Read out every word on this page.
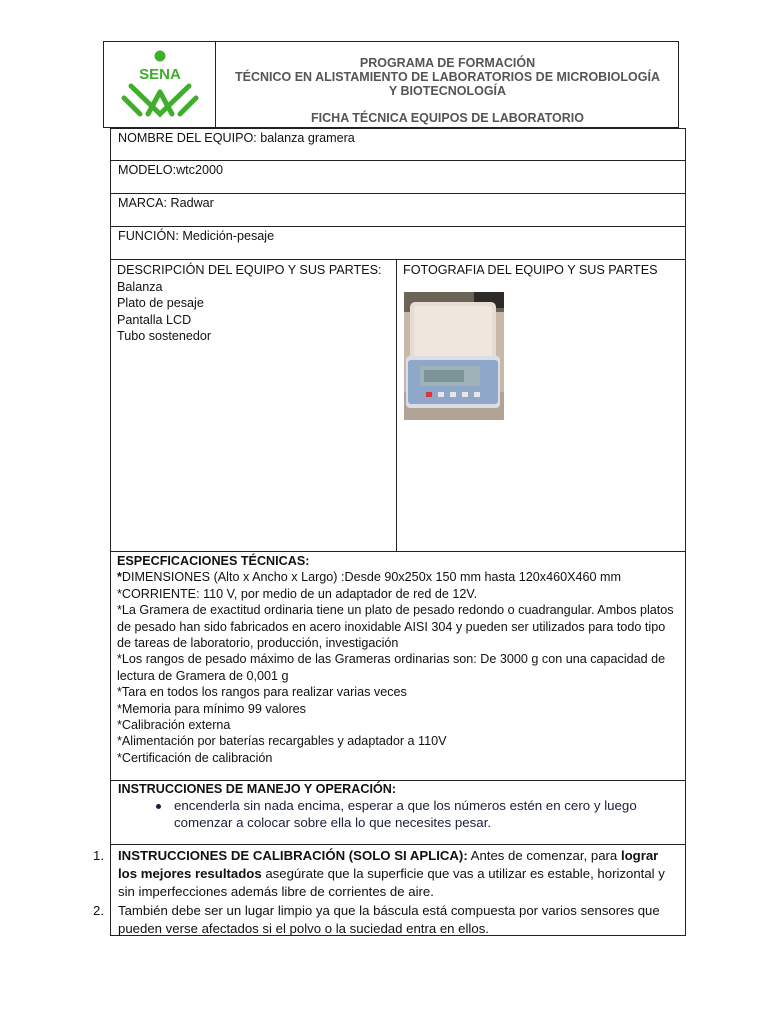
SENA
PROGRAMA DE FORMACIÓN
TÉCNICO EN ALISTAMIENTO DE LABORATORIOS DE MICROBIOLOGÍA
Y BIOTECNOLOGÍA
FICHA TÉCNICA EQUIPOS DE LABORATORIO
NOMBRE DEL EQUIPO: balanza gramera
MODELO:wtc2000
MARCA: Radwar
FUNCIÓN: Medición-pesaje
DESCRIPCIÓN DEL EQUIPO Y SUS PARTES:
Balanza
Plato de pesaje
Pantalla LCD
Tubo sostenedor
FOTOGRAFIA DEL EQUIPO Y SUS PARTES
ESPECFICACIONES TÉCNICAS:
*DIMENSIONES (Alto x Ancho x Largo) :Desde 90x250x 150 mm hasta 120x460X460 mm
*CORRIENTE: 110 V, por medio de un adaptador de red de 12V.
*La Gramera de exactitud ordinaria tiene un plato de pesado redondo o cuadrangular. Ambos platos de pesado han sido fabricados en acero inoxidable AISI 304 y pueden ser utilizados para todo tipo de tareas de laboratorio, producción, investigación
*Los rangos de pesado máximo de las Grameras ordinarias son: De 3000 g con una capacidad de lectura de Gramera de 0,001 g
*Tara en todos los rangos para realizar varias veces
*Memoria para mínimo 99 valores
*Calibración externa
*Alimentación por baterías recargables y adaptador a 110V
*Certificación de calibración
INSTRUCCIONES DE MANEJO Y OPERACIÓN:
encenderla sin nada encima, esperar a que los números estén en cero y luego comenzar a colocar sobre ella lo que necesites pesar.
1.
2.
INSTRUCCIONES DE CALIBRACIÓN (SOLO SI APLICA): Antes de comenzar, para lograr los mejores resultados asegúrate que la superficie que vas a utilizar es estable, horizontal y sin imperfecciones además libre de corrientes de aire.
También debe ser un lugar limpio ya que la báscula está compuesta por varios sensores que pueden verse afectados si el polvo o la suciedad entra en ellos.
